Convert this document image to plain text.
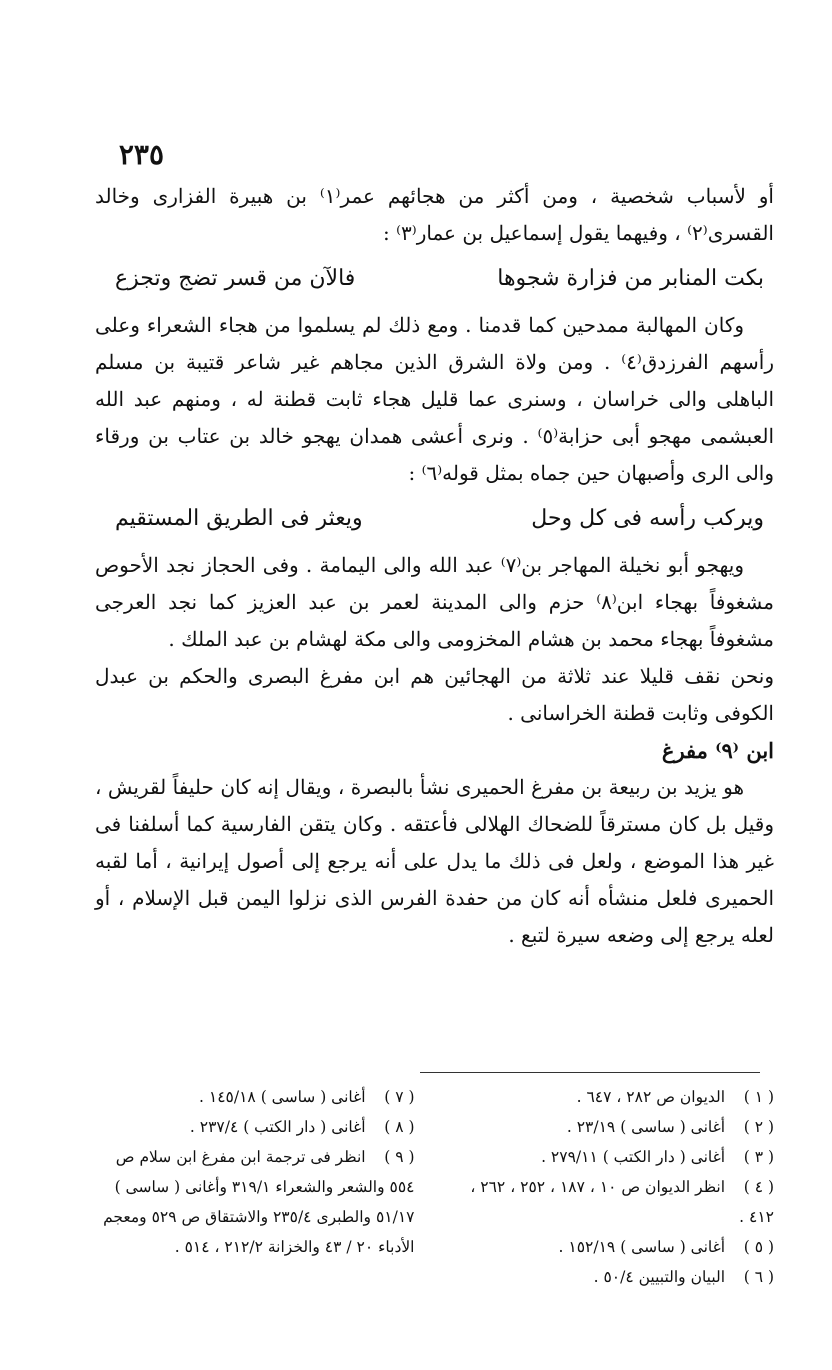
٢٣٥

أو لأسباب شخصية ، ومن أكثر من هجائهم عمر⁽١⁾ بن هبيرة الفزارى وخالد القسرى⁽٢⁾ ، وفيهما يقول إسماعيل بن عمار⁽٣⁾ :

بكت المنابر من فزارة شجوها
فالآن من قسر تضج وتجزع

وكان المهالبة ممدحين كما قدمنا . ومع ذلك لم يسلموا من هجاء الشعراء وعلى رأسهم الفرزدق⁽٤⁾ . ومن ولاة الشرق الذين مجاهم غير شاعر قتيبة بن مسلم الباهلى والى خراسان ، وسنرى عما قليل هجاء ثابت قطنة له ، ومنهم عبد الله العبشمى مهجو أبى حزابة⁽٥⁾ . ونرى أعشى همدان يهجو خالد بن عتاب بن ورقاء والى الرى وأصبهان حين جماه بمثل قوله⁽٦⁾ :

ويركب رأسه فى كل وحل
ويعثر فى الطريق المستقيم

ويهجو أبو نخيلة المهاجر بن⁽٧⁾ عبد الله والى اليمامة . وفى الحجاز نجد الأحوص مشغوفاً بهجاء ابن⁽٨⁾ حزم والى المدينة لعمر بن عبد العزيز كما نجد العرجى مشغوفاً بهجاء محمد بن هشام المخزومى والى مكة لهشام بن عبد الملك .

ونحن نقف قليلا عند ثلاثة من الهجائين هم ابن مفرغ البصرى والحكم بن عبدل الكوفى وثابت قطنة الخراسانى .

ابن ⁽٩⁾ مفرغ

هو يزيد بن ربيعة بن مفرغ الحميرى نشأ بالبصرة ، ويقال إنه كان حليفاً لقريش ، وقيل بل كان مسترقاً للضحاك الهلالى فأعتقه . وكان يتقن الفارسية كما أسلفنا فى غير هذا الموضع ، ولعل فى ذلك ما يدل على أنه يرجع إلى أصول إيرانية ، أما لقبه الحميرى فلعل منشأه أنه كان من حفدة الفرس الذى نزلوا اليمن قبل الإسلام ، أو لعله يرجع إلى وضعه سيرة لتبع .

( ١ ) الديوان ص ٢٨٢ ، ٦٤٧ .

( ٢ ) أغانى ( ساسى ) ٢٣/١٩ .

( ٣ ) أغانى ( دار الكتب ) ٢٧٩/١١ .

( ٤ ) انظر الديوان ص ١٠ ، ١٨٧ ، ٢٥٢ ، ٢٦٢ ، ٤١٢ .

( ٥ ) أغانى ( ساسى ) ١٥٢/١٩ .

( ٦ ) البيان والتبيين ٥٠/٤ .

( ٧ ) أغانى ( ساسى ) ١٤٥/١٨ .

( ٨ ) أغانى ( دار الكتب ) ٢٣٧/٤ .

( ٩ ) انظر فى ترجمة ابن مفرغ ابن سلام ص ٥٥٤ والشعر والشعراء ٣١٩/١ وأغانى ( ساسى ) ٥١/١٧ والطبرى ٢٣٥/٤ والاشتقاق ص ٥٢٩ ومعجم الأدباء ٢٠ / ٤٣ والخزانة ٢١٢/٢ ، ٥١٤ .
